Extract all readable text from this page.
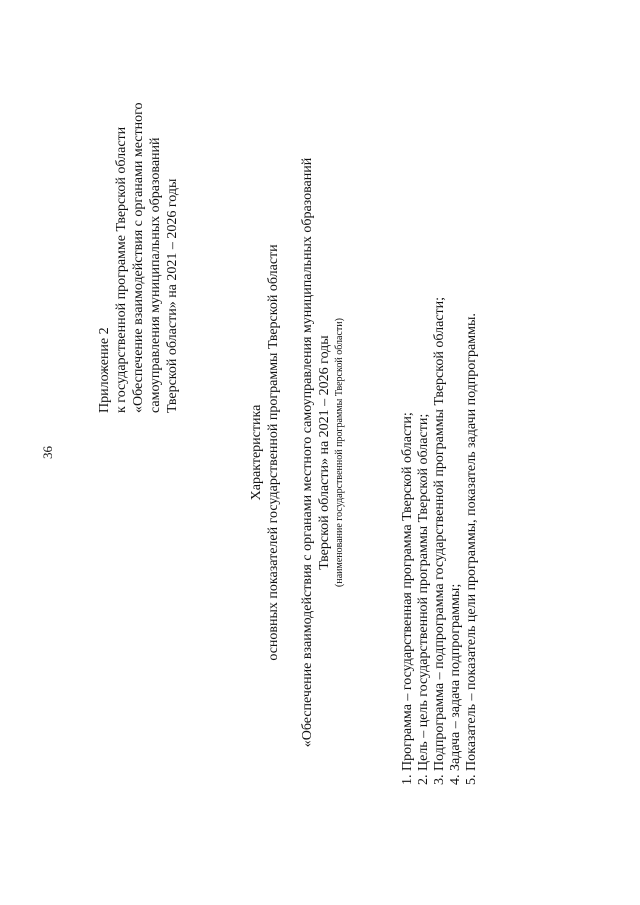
36
Приложение 2 к государственной программе Тверской области «Обеспечение взаимодействия с органами местного самоуправления муниципальных образований Тверской области» на 2021 – 2026 годы
Характеристика основных показателей государственной программы Тверской области «Обеспечение взаимодействия с органами местного самоуправления муниципальных образований Тверской области» на 2021 – 2026 годы (наименование государственной программы Тверской области)	1. Программа – государственная программа Тверской области; 2. Цель – цель государственной программы Тверской области; 3. Подпрограмма – подпрограмма государственной программы Тверской области; 4. Задача – задача подпрограммы; 5. Показатель – показатель цели программы, показатель задачи подпрограммы.
